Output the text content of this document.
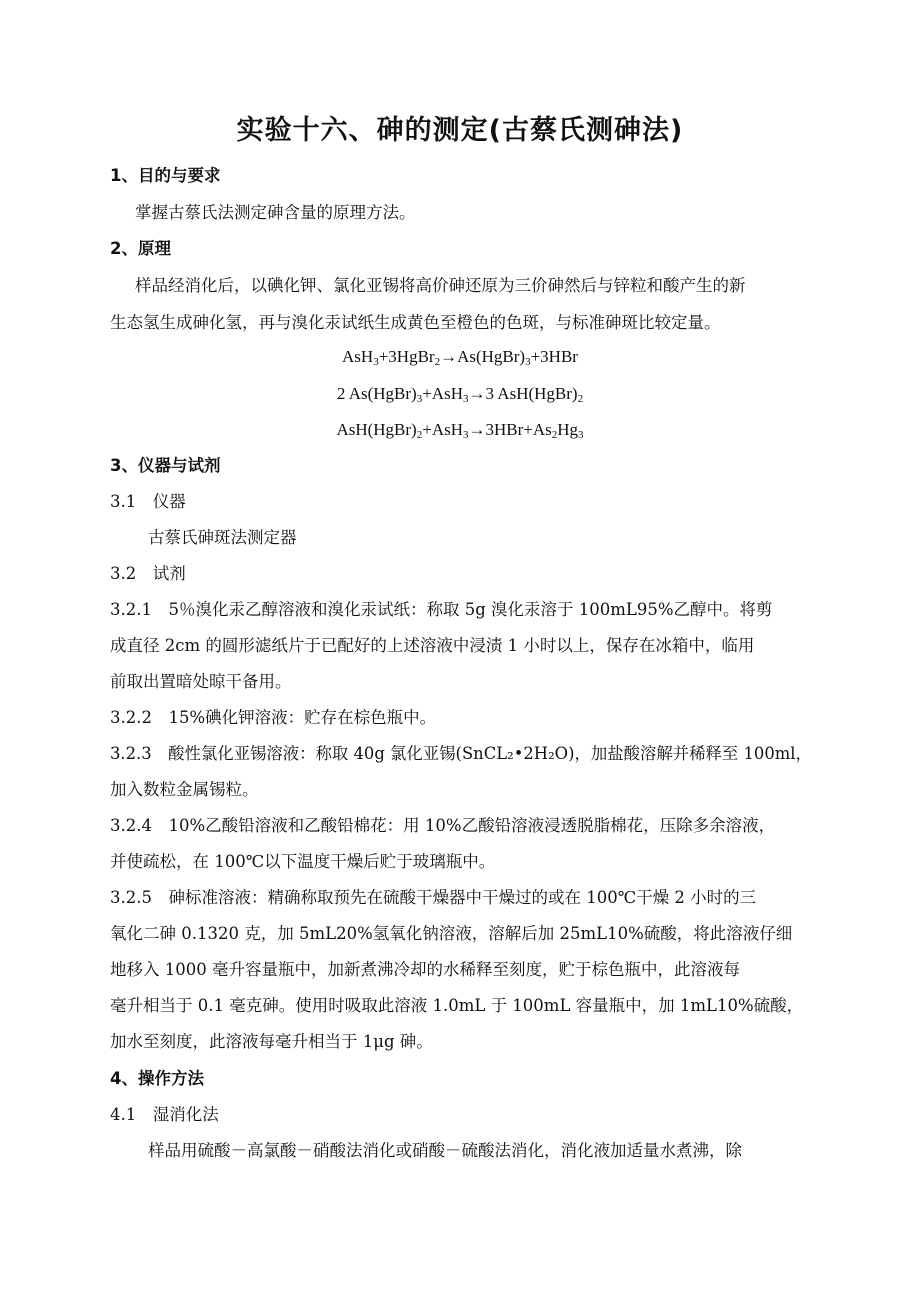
实验十六、砷的测定(古蔡氏测砷法)
1、目的与要求
掌握古蔡氏法测定砷含量的原理方法。
2、原理
样品经消化后，以碘化钾、氯化亚锡将高价砷还原为三价砷然后与锌粒和酸产生的新
生态氢生成砷化氢，再与溴化汞试纸生成黄色至橙色的色斑，与标准砷斑比较定量。
$AsH_3+3HgBr_2\to As(HgBr)_3+3HBr$
2 $As(HgBr)_3+AsH_3\to 3$ $AsH(HgBr)_2$
$AsH(HgBr)_2+AsH_3\to 3HBr+As_2Hg_3$
3、仪器与试剂
3.1　仪器
古蔡氏砷斑法测定器
3.2　试剂
3.2.1　5％溴化汞乙醇溶液和溴化汞试纸：称取 5g 溴化汞溶于 100mL95%乙醇中。将剪
成直径 2cm 的圆形滤纸片于已配好的上述溶液中浸渍 1 小时以上，保存在冰箱中，临用
前取出置暗处晾干备用。
3.2.2　15%碘化钾溶液：贮存在棕色瓶中。
3.2.3　酸性氯化亚锡溶液：称取 40g 氯化亚锡(SnCL₂•2H₂O)，加盐酸溶解并稀释至 100ml，
加入数粒金属锡粒。
3.2.4　10%乙酸铅溶液和乙酸铅棉花：用 10%乙酸铅溶液浸透脱脂棉花，压除多余溶液，
并使疏松，在 100℃以下温度干燥后贮于玻璃瓶中。
3.2.5　砷标准溶液：精确称取预先在硫酸干燥器中干燥过的或在 100℃干燥 2 小时的三
氧化二砷 0.1320 克，加 5mL20%氢氧化钠溶液，溶解后加 25mL10%硫酸，将此溶液仔细
地移入 1000 毫升容量瓶中，加新煮沸冷却的水稀释至刻度，贮于棕色瓶中，此溶液每
毫升相当于 0.1 毫克砷。使用时吸取此溶液 1.0mL 于 100mL 容量瓶中，加 1mL10%硫酸，
加水至刻度，此溶液每毫升相当于 1μg 砷。
4、操作方法
4.1　湿消化法
样品用硫酸－高氯酸－硝酸法消化或硝酸－硫酸法消化，消化液加适量水煮沸，除
